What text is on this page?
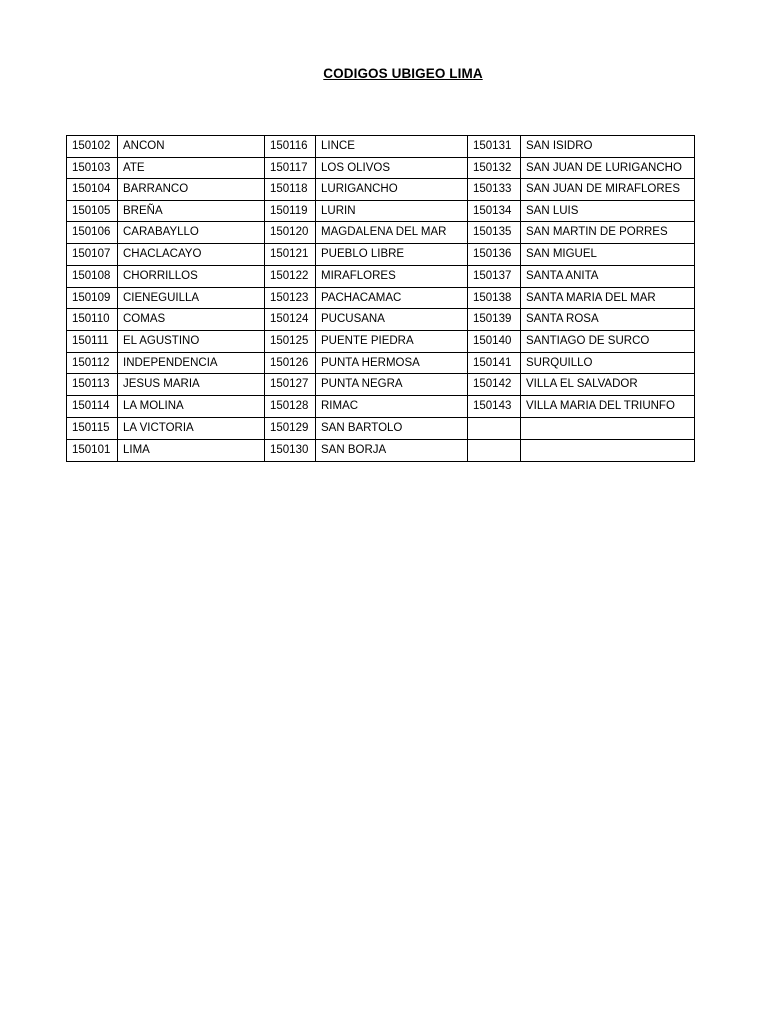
CODIGOS UBIGEO LIMA
150102	ANCON	150116	LINCE	150131	SAN ISIDRO
150103	ATE	150117	LOS OLIVOS	150132	SAN JUAN DE LURIGANCHO
150104	BARRANCO	150118	LURIGANCHO	150133	SAN JUAN DE MIRAFLORES
150105	BREÑA	150119	LURIN	150134	SAN LUIS
150106	CARABAYLLO	150120	MAGDALENA DEL MAR	150135	SAN MARTIN DE PORRES
150107	CHACLACAYO	150121	PUEBLO LIBRE	150136	SAN MIGUEL
150108	CHORRILLOS	150122	MIRAFLORES	150137	SANTA ANITA
150109	CIENEGUILLA	150123	PACHACAMAC	150138	SANTA MARIA DEL MAR
150110	COMAS	150124	PUCUSANA	150139	SANTA ROSA
150111	EL AGUSTINO	150125	PUENTE PIEDRA	150140	SANTIAGO DE SURCO
150112	INDEPENDENCIA	150126	PUNTA HERMOSA	150141	SURQUILLO
150113	JESUS MARIA	150127	PUNTA NEGRA	150142	VILLA EL SALVADOR
150114	LA MOLINA	150128	RIMAC	150143	VILLA MARIA DEL TRIUNFO
150115	LA VICTORIA	150129	SAN BARTOLO		
150101	LIMA	150130	SAN BORJA		
